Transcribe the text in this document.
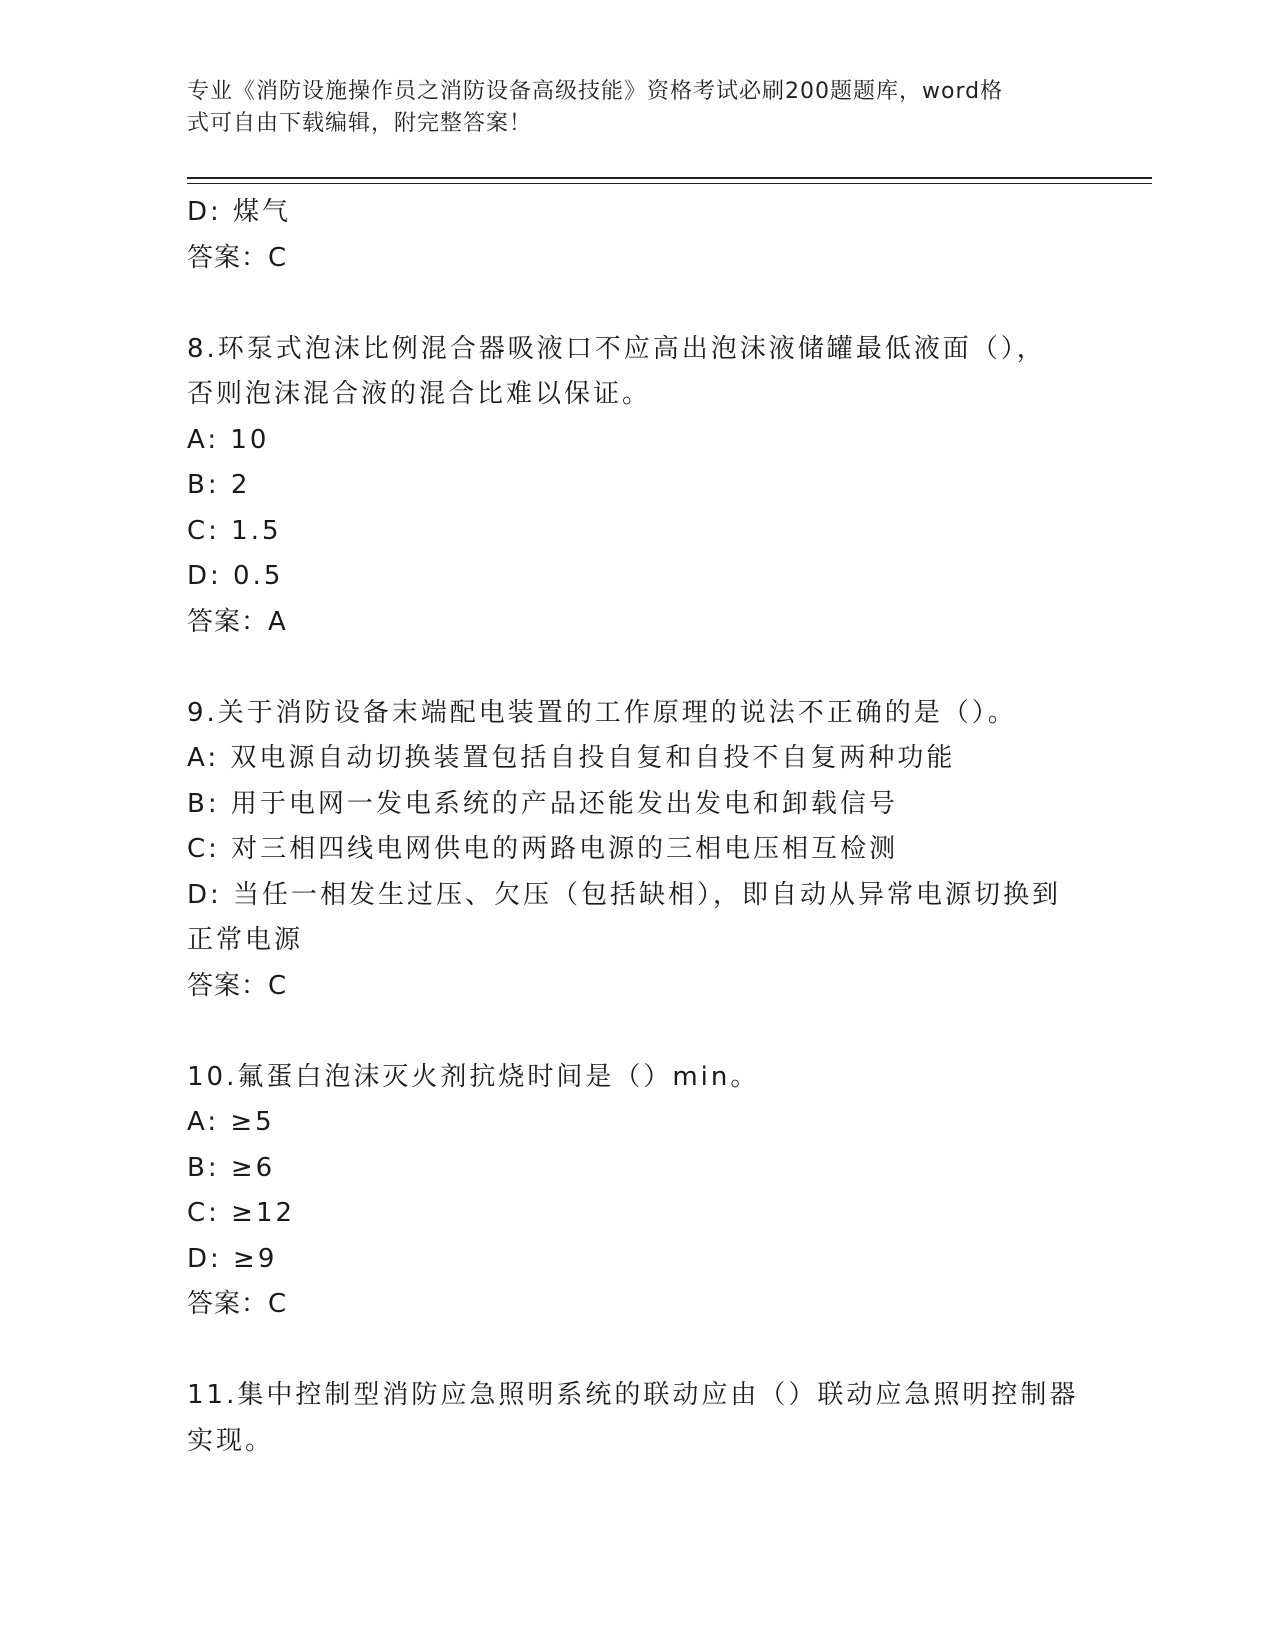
专业《消防设施操作员之消防设备高级技能》资格考试必刷200题题库，word格
式可自由下载编辑，附完整答案！
D: 煤气
答案：C
8.环泵式泡沫比例混合器吸液口不应高出泡沫液储罐最低液面（），
否则泡沫混合液的混合比难以保证。
A: 10
B: 2
C: 1.5
D: 0.5
答案：A
9.关于消防设备末端配电装置的工作原理的说法不正确的是（）。
A: 双电源自动切换装置包括自投自复和自投不自复两种功能
B: 用于电网一发电系统的产品还能发出发电和卸载信号
C: 对三相四线电网供电的两路电源的三相电压相互检测
D: 当任一相发生过压、欠压（包括缺相），即自动从异常电源切换到
正常电源
答案：C
10.氟蛋白泡沫灭火剂抗烧时间是（）min。
A: ≥5
B: ≥6
C: ≥12
D: ≥9
答案：C
11.集中控制型消防应急照明系统的联动应由（）联动应急照明控制器
实现。
